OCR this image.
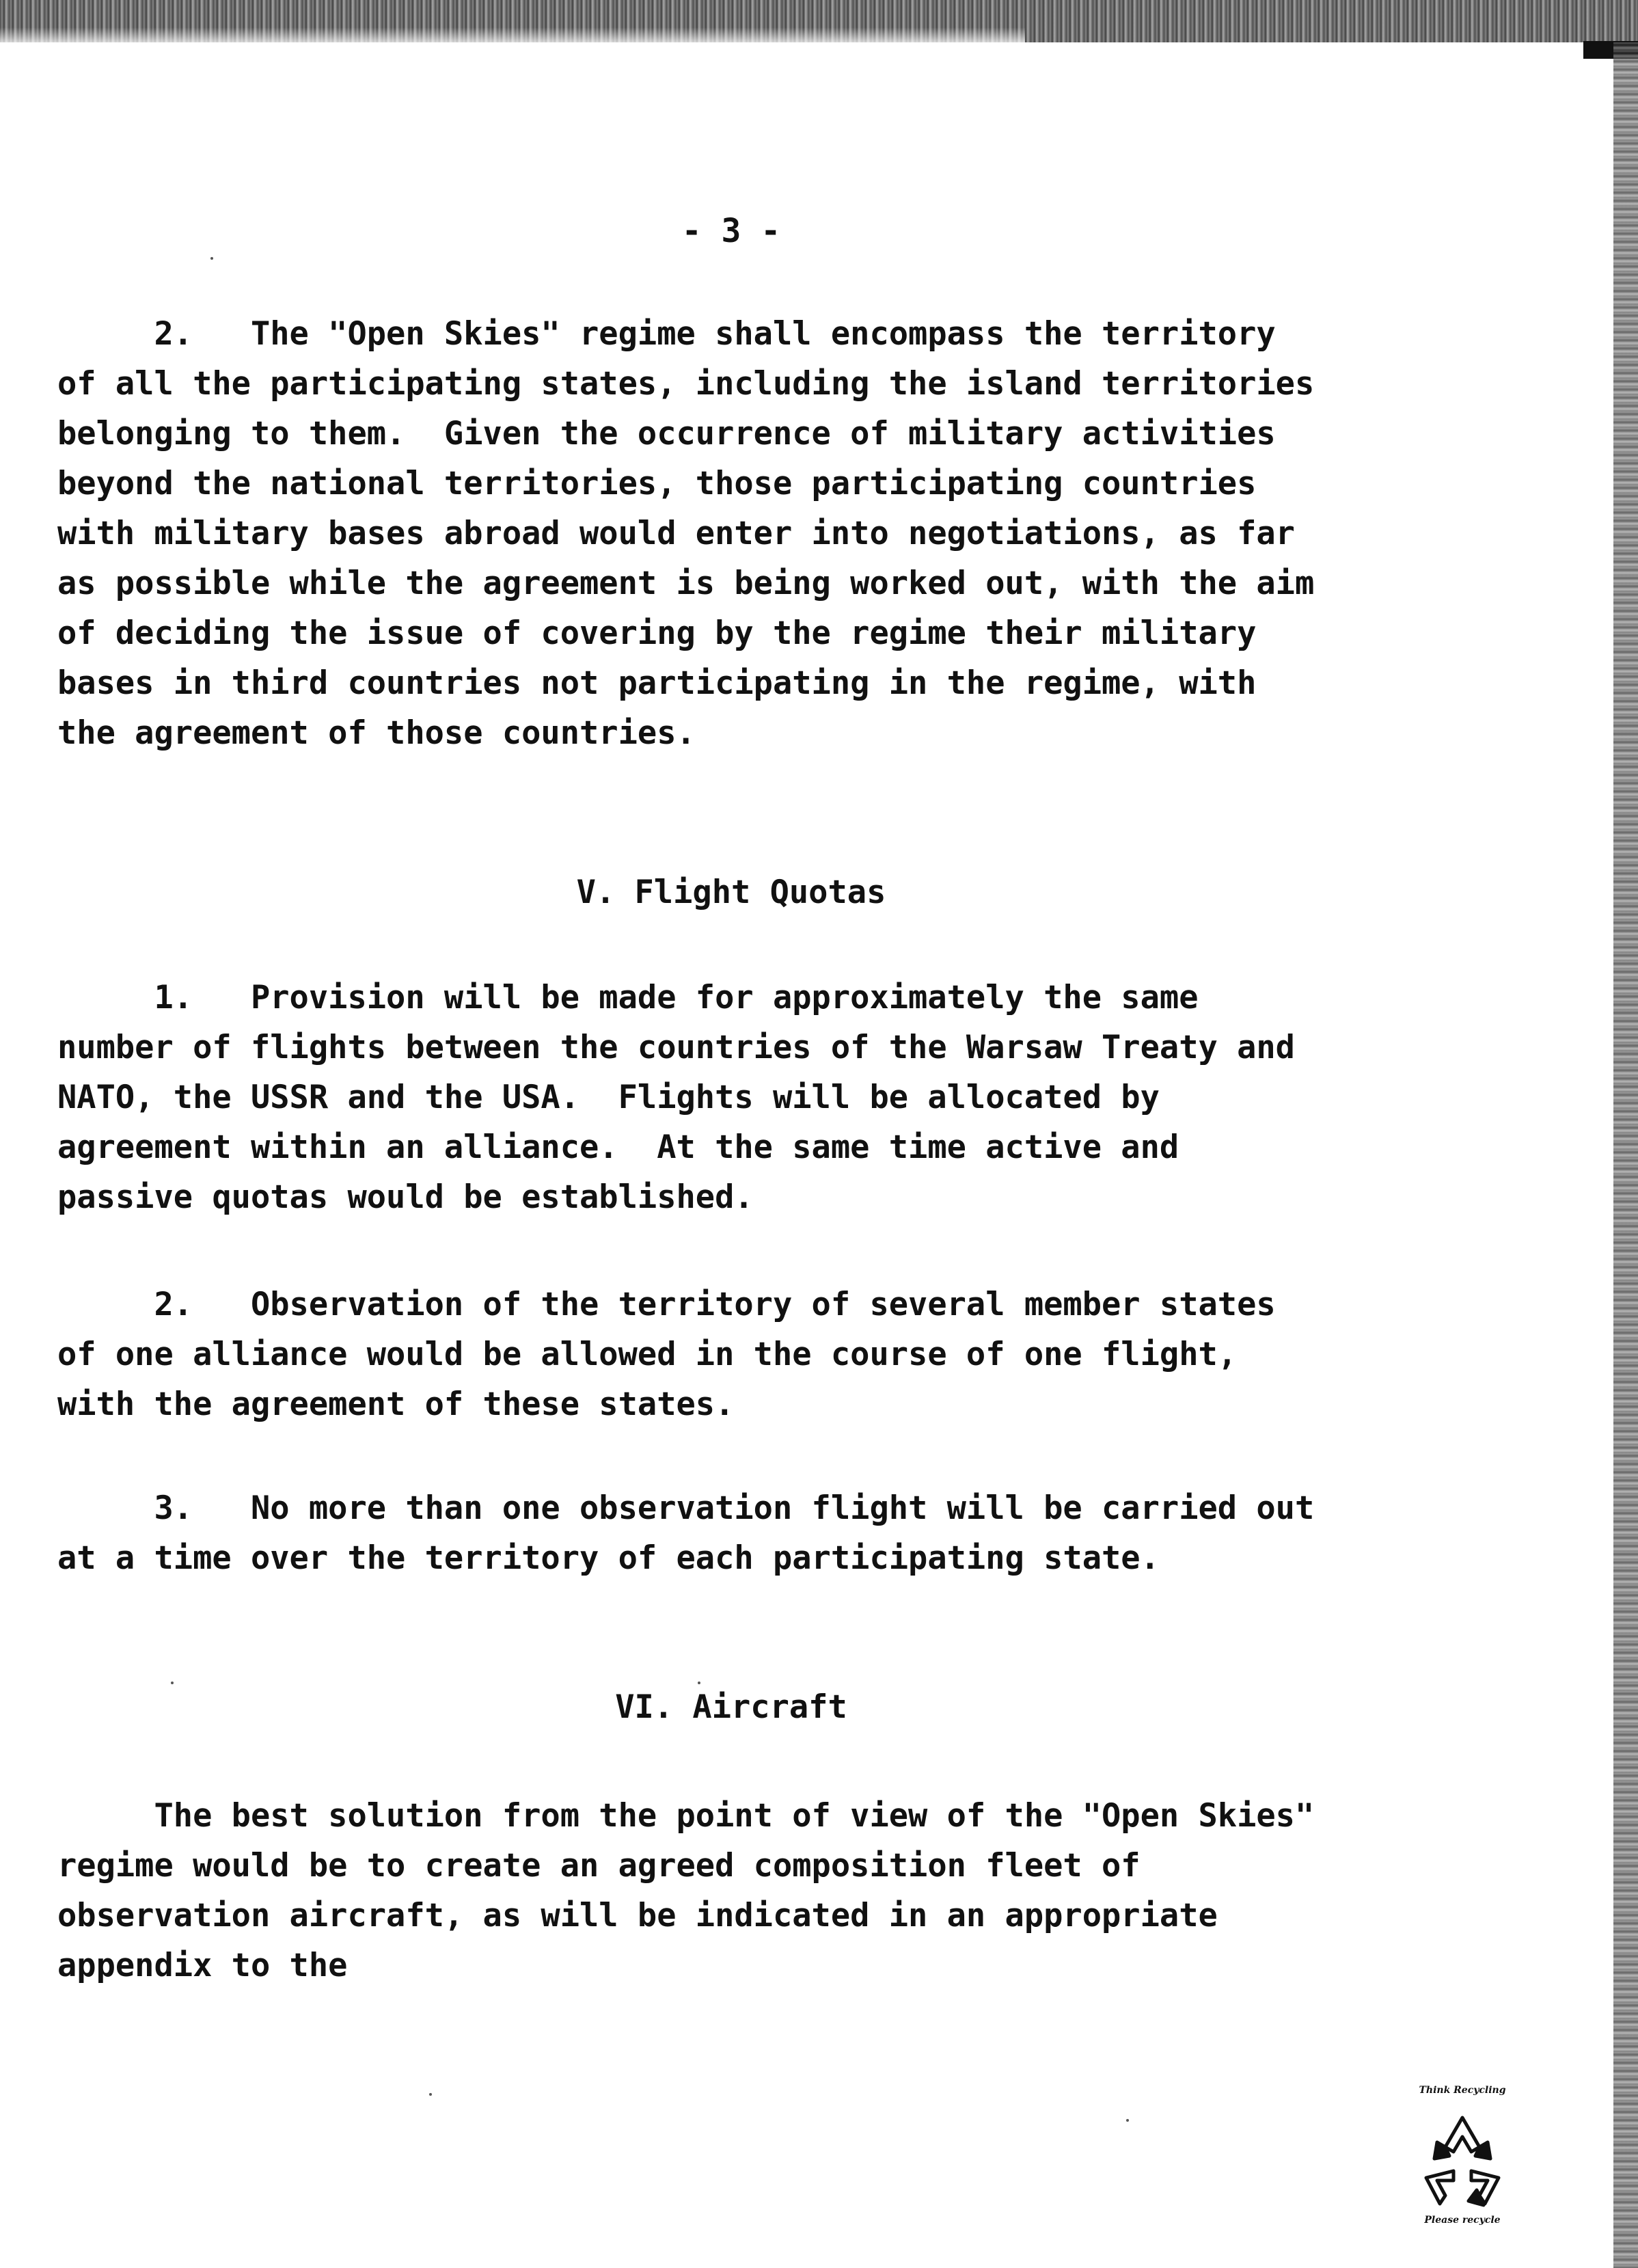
- 3 -

2.   The "Open Skies" regime shall encompass the territory
of all the participating states, including the island territories
belonging to them.  Given the occurrence of military activities
beyond the national territories, those participating countries
with military bases abroad would enter into negotiations, as far
as possible while the agreement is being worked out, with the aim
of deciding the issue of covering by the regime their military
bases in third countries not participating in the regime, with
the agreement of those countries.

V. Flight Quotas

1.   Provision will be made for approximately the same
number of flights between the countries of the Warsaw Treaty and
NATO, the USSR and the USA.  Flights will be allocated by
agreement within an alliance.  At the same time active and
passive quotas would be established.

2.   Observation of the territory of several member states
of one alliance would be allowed in the course of one flight,
with the agreement of these states.

3.   No more than one observation flight will be carried out
at a time over the territory of each participating state.

VI. Aircraft

The best solution from the point of view of the "Open Skies"
regime would be to create an agreed composition fleet of
observation aircraft, as will be indicated in an appropriate
appendix to the

Think Recycling
Please recycle
